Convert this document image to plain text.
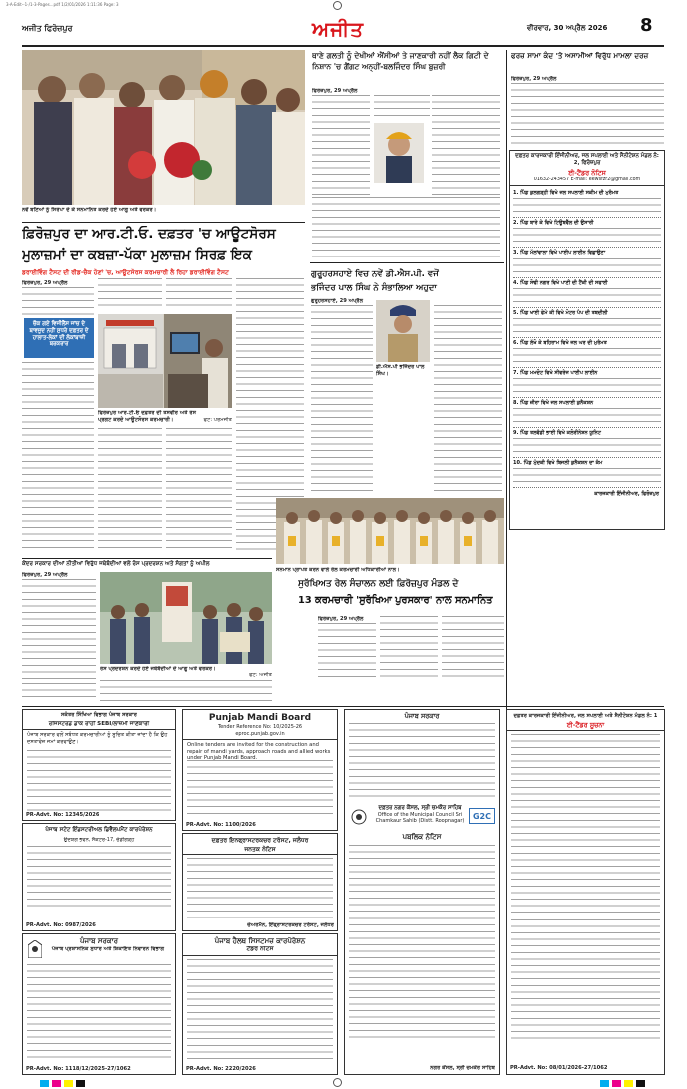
3-A-Edit--1-/1-3-Pages...pdf 1/2/01/2026 1:11:36 Page: 3
ਅਜੀਤ ਫਿਰੋਜ਼ਪੁਰ	ਅਜੀਤ	ਵੀਰਵਾਰ, 30 ਅਪ੍ਰੈਲ 2026 8
ਨਵੇਂ ਬਣਿਆਂ ਨੂੰ ਸਿਰੋਪਾ ਦੇ ਕੇ ਸਨਮਾਨਿਤ ਕਰਦੇ ਹੋਏ ਆਗੂ ਅਤੇ ਵਰਕਰ।
ਥਾਣੇ ਗਲਤੀ ਨੂੰ ਦੇਖੀਆਂ ਐਂਸੀਆਂ ਤੇ ਜਾਣਕਾਰੀ ਨਹੀਂ ਲੈਕ ਗਿਟੀ ਦੇ ਨਿਸ਼ਾਨ 'ਚ ਗੈਂਗਟ ਅਨ੍ਹੀਂ-ਬਲਜਿੰਦਰ ਸਿੰਘ ਬੁਜ਼ਰੀ
ਫਿਰੋਜ਼ਪੁਰ, 29 ਅਪ੍ਰੈਲ
ਫਰਜ਼ ਸਾਮਾ ਕੰਦ 'ਤੇ ਅਸਾਮੀਆਂ ਵਿਰੁੱਧ ਮਾਮਲਾ ਦਰਜ਼
ਫਿਰੋਜ਼ਪੁਰ, 29 ਅਪ੍ਰੈਲ
ਦਫ਼ਤਰ ਕਾਰਜਕਾਰੀ ਇੰਜੀਨੀਅਰ, ਜਲ ਸਪਲਾਈ ਅਤੇ ਸੈਨੀਟੇਸ਼ਨ ਮੰਡਲ ਨੰ: 2, ਫਿਰੋਜ਼ਪੁਰ
ਈ-ਟੈਂਡਰ ਨੋਟਿਸ
01632-243457 E-mail: eewsfzr2@gmail.com
1. ਪਿੰਡ ਕੁਲਗੜ੍ਹੀ ਵਿਖੇ ਜਲ ਸਪਲਾਈ ਸਕੀਮ ਦੀ ਮੁਰੰਮਤ
2. ਪਿੰਡ ਬਾਰੇ ਕੇ ਵਿਖੇ ਟਿਊਬਵੈੱਲ ਦੀ ਉਸਾਰੀ
3. ਪਿੰਡ ਮੱਲਾਂਵਾਲਾ ਵਿਖੇ ਪਾਈਪ ਲਾਈਨ ਵਿਛਾਉਣਾ
4. ਪਿੰਡ ਸੋਢੀ ਨਗਰ ਵਿਖੇ ਪਾਣੀ ਦੀ ਟੈਂਕੀ ਦੀ ਸਫਾਈ
5. ਪਿੰਡ ਖਾਈ ਫੇਮੇ ਕੀ ਵਿਖੇ ਮੋਟਰ ਪੰਪ ਦੀ ਤਬਦੀਲੀ
6. ਪਿੰਡ ਲੱਖੋ ਕੇ ਬਹਿਰਾਮ ਵਿਖੇ ਜਲ ਘਰ ਦੀ ਮੁਰੰਮਤ
7. ਪਿੰਡ ਮਮਦੋਟ ਵਿਖੇ ਸੀਵਰੇਜ ਪਾਈਪ ਲਾਈਨ
8. ਪਿੰਡ ਜ਼ੀਰਾ ਵਿਖੇ ਜਲ ਸਪਲਾਈ ਕੁਨੈਕਸ਼ਨ
9. ਪਿੰਡ ਤਲਵੰਡੀ ਭਾਈ ਵਿਖੇ ਕਲੋਰੀਨੇਸ਼ਨ ਯੂਨਿਟ
10. ਪਿੰਡ ਮੁੱਦਕੀ ਵਿਖੇ ਬਿਜਲੀ ਕੁਨੈਕਸ਼ਨ ਦਾ ਕੰਮ
ਕਾਰਜਕਾਰੀ ਇੰਜੀਨੀਅਰ, ਫਿਰੋਜ਼ਪੁਰ
ਫ਼ਿਰੋਜ਼ਪੁਰ ਦਾ ਆਰ.ਟੀ.ਓ. ਦਫ਼ਤਰ 'ਚ ਆਊਟਸੋਰਸ
ਮੁਲਾਜ਼ਮਾਂ ਦਾ ਕਬਜ਼ਾ-ਪੱਕਾ ਮੁਲਾਜ਼ਮ ਸਿਰਫ਼ ਇਕ
ਡਰਾਈਵਿੰਗ ਟੈਸਟ ਦੀ ਰੀਡ-ਚੈਕ ਹੋਣਾਂ 'ਚ, ਆਊਟਸੋਰਸ ਕਰਮਚਾਰੀ ਲੈ ਰਿਹਾ ਡਰਾਈਵਿੰਗ ਟੈਸਟ
ਫਿਰੋਜ਼ਪੁਰ, 29 ਅਪ੍ਰੈਲ
ਚੌਕ ਗਏ ਵਿਜੀਲੈਂਸ ਜਾਂਚ ਦੇ ਬਾਵਜੂਦ ਨਹੀਂ ਸੁਧਰੇ ਦਫ਼ਤਰ ਦੇ ਹਾਲਾਤ-ਲੋਕਾਂ ਦੀ ਲੋਕਾਂਬਾਜ਼ੀ ਬਰਕਰਾਰ
ਫਿਰੋਜ਼ਪੁਰ ਆਰ.ਟੀ.ਓ ਦਫ਼ਤਰ ਦੀ ਤਸਵੀਰ ਅਤੇ ਰੋਸ ਪ੍ਰਗਟ ਕਰਦੇ ਆਊਟਸੋਰਸ ਕਰਮਚਾਰੀ।	ਫੋਟੋ: ਪਰਮਜੀਤ
ਗੁਰੂਹਰਸਹਾਏ ਵਿਚ ਨਵੇਂ ਡੀ.ਐਸ.ਪੀ. ਵਜੋਂ
ਭਜਿੰਦਰ ਪਾਲ ਸਿੰਘ ਨੇ ਸੰਭਾਲਿਆ ਅਹੁਦਾ
ਗੁਰੂਹਰਸਹਾਏ, 29 ਅਪ੍ਰੈਲ
ਡੀ.ਐਸ.ਪੀ ਭਜਿੰਦਰ ਪਾਲ ਸਿੰਘ।
ਸਨਮਾਨ ਪ੍ਰਾਪਤ ਕਰਨ ਵਾਲੇ ਰੇਲ ਕਰਮਚਾਰੀ ਅਧਿਕਾਰੀਆਂ ਨਾਲ।
ਸੁਰੱਖਿਅਤ ਰੇਲ ਸੰਚਾਲਨ ਲਈ ਫ਼ਿਰੋਜ਼ਪੁਰ ਮੰਡਲ ਦੇ
13 ਕਰਮਚਾਰੀ 'ਸੁਰੱਖਿਆ ਪੁਰਸਕਾਰ' ਨਾਲ ਸਨਮਾਨਿਤ
ਫਿਰੋਜ਼ਪੁਰ, 29 ਅਪ੍ਰੈਲ
ਕੇਂਦਰ ਸਰਕਾਰ ਦੀਆਂ ਨੀਤੀਆਂ ਵਿਰੁੱਧ ਜਥੇਬੰਦੀਆਂ ਵਲੋਂ ਰੋਸ ਪ੍ਰਦਰਸ਼ਨ ਅਤੇ ਸੰਗਤਾਂ ਨੂੰ ਅਪੀਲ
ਫਿਰੋਜ਼ਪੁਰ, 29 ਅਪ੍ਰੈਲ
ਰੋਸ ਪ੍ਰਦਰਸ਼ਨ ਕਰਦੇ ਹੋਏ ਜਥੇਬੰਦੀਆਂ ਦੇ ਆਗੂ ਅਤੇ ਵਰਕਰ।
ਫੋਟੋ: ਅਜੀਤ
ਸਕੱਤਰ ਸਿੱਖਿਆ ਵਿਭਾਗ ਪੰਜਾਬ ਸਰਕਾਰ
ਰਜਿਸਟਰਡ ਡਾਕ ਰਾਹੀਂ SEBI/ਲਾਜ਼ਮੀ ਜਾਣਕਾਰੀ
ਪੰਜਾਬ ਸਰਕਾਰ ਵਲੋਂ ਸਬੰਧਤ ਕਰਮਚਾਰੀਆਂ ਨੂੰ ਸੂਚਿਤ ਕੀਤਾ ਜਾਂਦਾ ਹੈ ਕਿ ਉਹ ਦਸਤਾਵੇਜ਼ ਜਮਾਂ ਕਰਵਾਉਣ।
PR-Advt. No: 12345/2026
ਪੰਜਾਬ ਸਟੇਟ ਇੰਡਸਟਰੀਅਲ ਡਿਵੈਲਪਮੈਂਟ ਕਾਰਪੋਰੇਸ਼ਨ
ਉਦਯੋਗ ਭਵਨ, ਸੈਕਟਰ-17, ਚੰਡੀਗੜ੍ਹ
PR-Advt. No: 0987/2026
ਪੰਜਾਬ ਸਰਕਾਰ
ਪੰਜਾਬ ਪ੍ਰਸ਼ਾਸਨਿਕ ਸੁਧਾਰ ਅਤੇ ਸ਼ਿਕਾਇਤ ਨਿਵਾਰਨ ਵਿਭਾਗ
PR-Advt. No: 1118/12/2025-27/1062
Punjab Mandi Board
Tender Reference No: 10/2025-26
eproc.punjab.gov.in
Online tenders are invited for the construction and repair of mandi yards, approach roads and allied works under Punjab Mandi Board.
PR-Advt. No: 1100/2026
ਦਫ਼ਤਰ ਇਨਫ੍ਰਾਸਟਰਕਚਰ ਟਰੱਸਟ, ਜਲੰਧਰ
ਜਨਤਕ ਨੋਟਿਸ
ਚੇਅਰਮੈਨ, ਇੰਫ੍ਰਾਸਟਰਕਚਰ ਟਰੱਸਟ, ਜਲੰਧਰ
ਪੰਜਾਬ ਹੈਲਥ ਸਿਸਟਮਜ਼ ਕਾਰਪੋਰੇਸ਼ਨ
ਟੈਂਡਰ ਨੋਟਿਸ
PR-Advt. No: 2220/2026
ਪੰਜਾਬ ਸਰਕਾਰ
ਦਫ਼ਤਰ ਨਗਰ ਕੌਂਸਲ, ਸ੍ਰੀ ਚਮਕੌਰ ਸਾਹਿਬ
Office of the Municipal Council Sri Chamkaur Sahib (Distt. Roopnagar)	G2C
ਪਬਲਿਕ ਨੋਟਿਸ
ਨਗਰ ਕੌਂਸਲ, ਸ੍ਰੀ ਚਮਕੌਰ ਸਾਹਿਬ
ਦਫ਼ਤਰ ਕਾਰਜਕਾਰੀ ਇੰਜੀਨੀਅਰ, ਜਲ ਸਪਲਾਈ ਅਤੇ ਸੈਨੀਟੇਸ਼ਨ ਮੰਡਲ ਨੰ: 1
ਈ-ਟੈਂਡਰ ਸੂਚਨਾ
PR-Advt. No: 08/01/2026-27/1062
